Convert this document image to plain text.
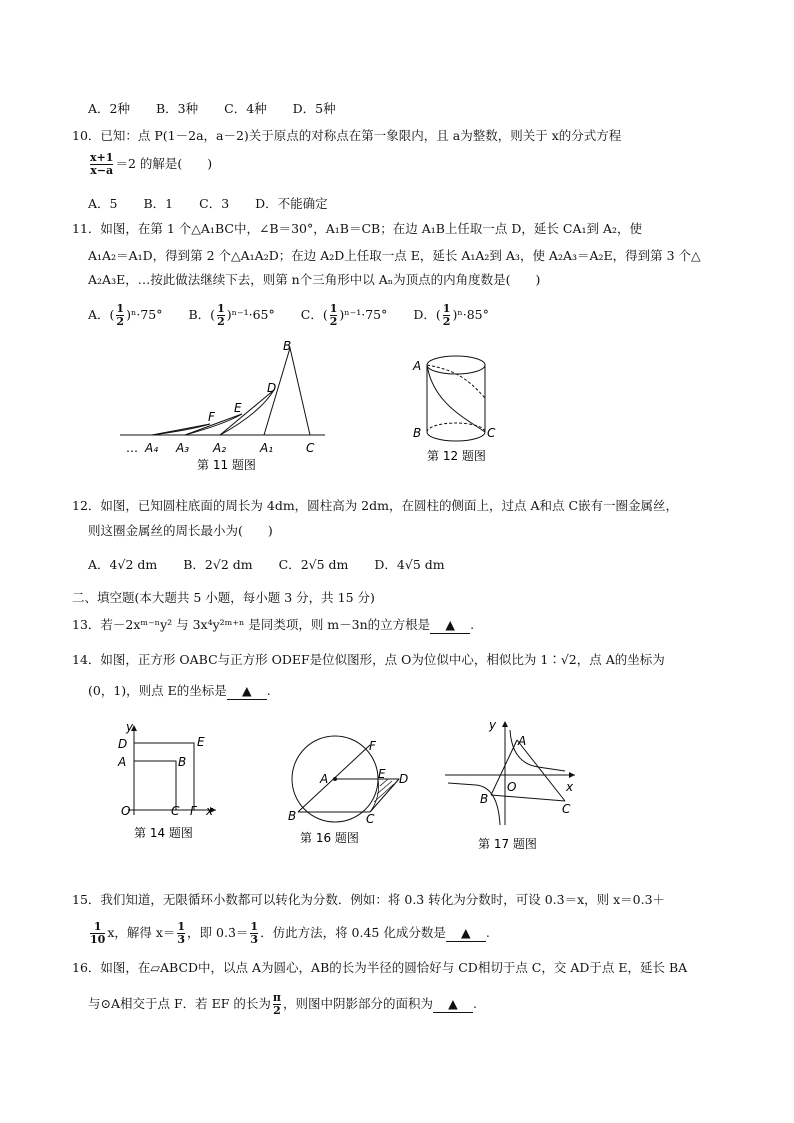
A．2种 B．3种 C．4种 D．5种
10．已知：点 P(1－2a，a－2)关于原点的对称点在第一象限内，且 a为整数，则关于 x的分式方程
$\frac{x+1}{x-a} =2$ 的解是(　　)
A．5 B．1 C．3 D．不能确定
11．如图，在第 1 个△A₁BC中，∠B＝30°，A₁B＝CB；在边 A₁B上任取一点 D，延长 CA₁到 A₂，使
A₁A₂＝A₁D，得到第 2 个△A₁A₂D；在边 A₂D上任取一点 E，延长 A₁A₂到 A₃，使 A₂A₃＝A₂E，得到第 3 个△
A₂A₃E，…按此做法继续下去，则第 n个三角形中以 Aₙ为顶点的内角度数是(　　)
A．( $\frac{1}{2} )^n\cdot 75^\circ$ B．( $\frac{1}{2} )^{n-1}\cdot 65^\circ$ C．( $\frac{1}{2} )^{n-1}\cdot 75^\circ$ D．( $\frac{1}{2} )^n\cdot 85^\circ$
B
D
E
F
… A₄ A₃ A₂	A₁	C
第 11 题图
A
B	C
第 12 题图
12．如图，已知圆柱底面的周长为 4dm，圆柱高为 2dm，在圆柱的侧面上，过点 A和点 C嵌有一圈金属丝，
则这圈金属丝的周长最小为(　　)
A．4√2 dm B．2√2 dm C．2√5 dm D．4√5 dm
二、填空题(本大题共 5 小题，每小题 3 分，共 15 分)
13．若－2xᵐ⁻ⁿy² 与 3x⁴y²ᵐ⁺ⁿ 是同类项，则 m－3n的立方根是 ▲ .
14．如图，正方形 OABC与正方形 ODEF是位似图形，点 O为位似中心，相似比为 1∶√2，点 A的坐标为
(0，1)，则点 E的坐标是 ▲ .
y
D	E
A	B
O	C F x
第 14 题图
F
A	E D
B	C
第 16 题图
y
A
O	x
B
C
第 17 题图
15．我们知道，无限循环小数都可以转化为分数．例如：将 0.3̇ 转化为分数时，可设 0.3̇＝x，则 x＝0.3＋
$\frac{1}{10}$ x，解得 $x= \frac{1}{3}$ ，即 0.3̇＝ $\frac{1}{3}$ ．仿此方法，将 0.4̇5̇ 化成分数是 ▲ .
16．如图，在▱ABCD中，以点 A为圆心，AB的长为半径的圆恰好与 CD相切于点 C，交 AD于点 E，延长 BA
与⊙A相交于点 F．若 EF 的长为 $\frac{\pi}{2}$ ，则图中阴影部分的面积为 ▲ .
